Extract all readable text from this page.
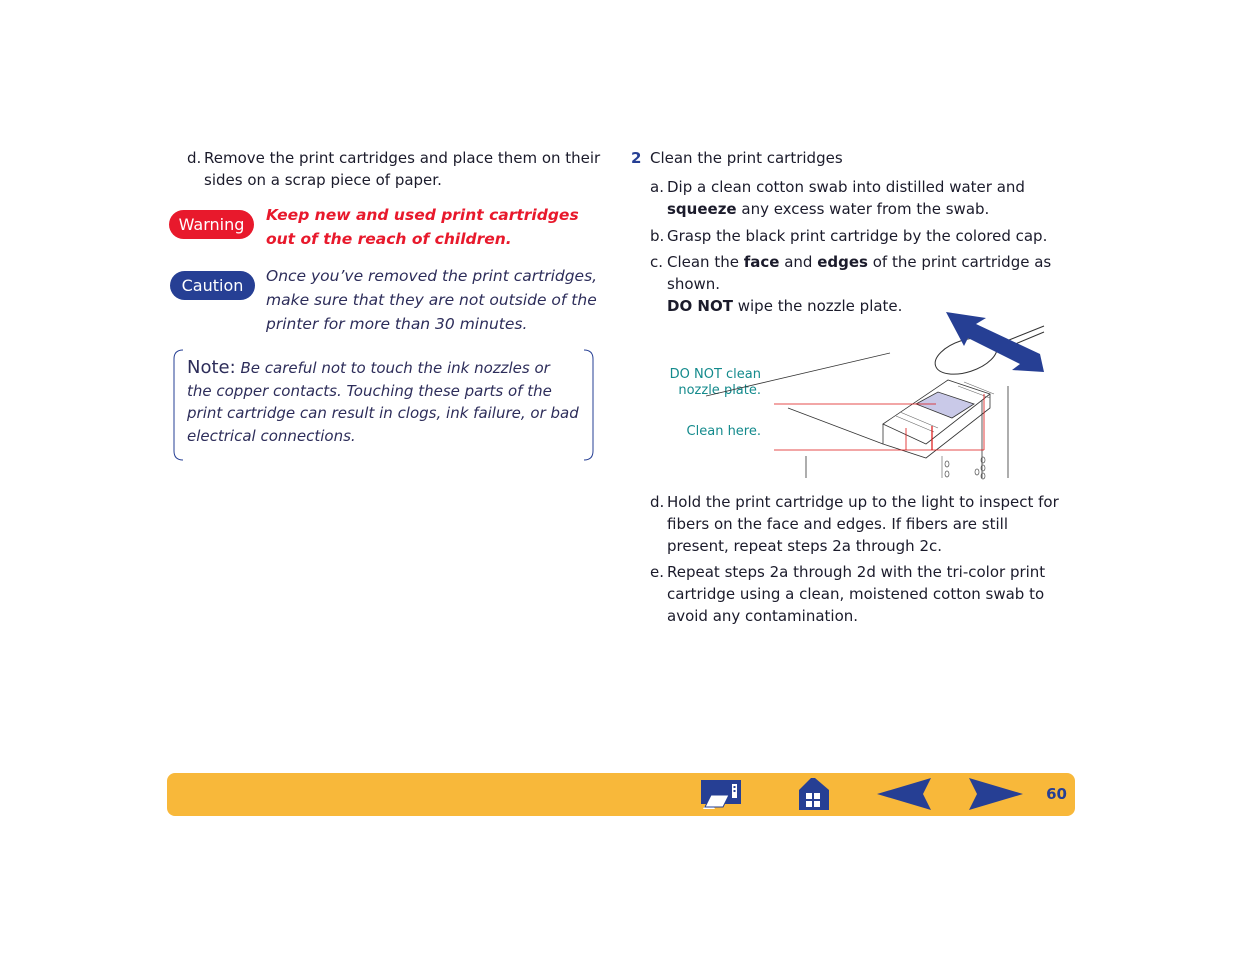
d. Remove the print cartridges and place them on their sides on a scrap piece of paper.
Warning	Keep new and used print cartridges out of the reach of children.
Caution	Once you’ve removed the print cartridges, make sure that they are not outside of the printer for more than 30 minutes.
Note: Be careful not to touch the ink nozzles or the copper contacts. Touching these parts of the print cartridge can result in clogs, ink failure, or bad electrical connections.
2 Clean the print cartridges
a. Dip a clean cotton swab into distilled water and squeeze any excess water from the swab.
b. Grasp the black print cartridge by the colored cap.
c. Clean the face and edges of the print cartridge as shown.
DO NOT wipe the nozzle plate.
DO NOT clean
nozzle plate.
Clean here.
d. Hold the print cartridge up to the light to inspect for fibers on the face and edges. If fibers are still present, repeat steps 2a through 2c.
e. Repeat steps 2a through 2d with the tri-color print cartridge using a clean, moistened cotton swab to avoid any contamination.
60
